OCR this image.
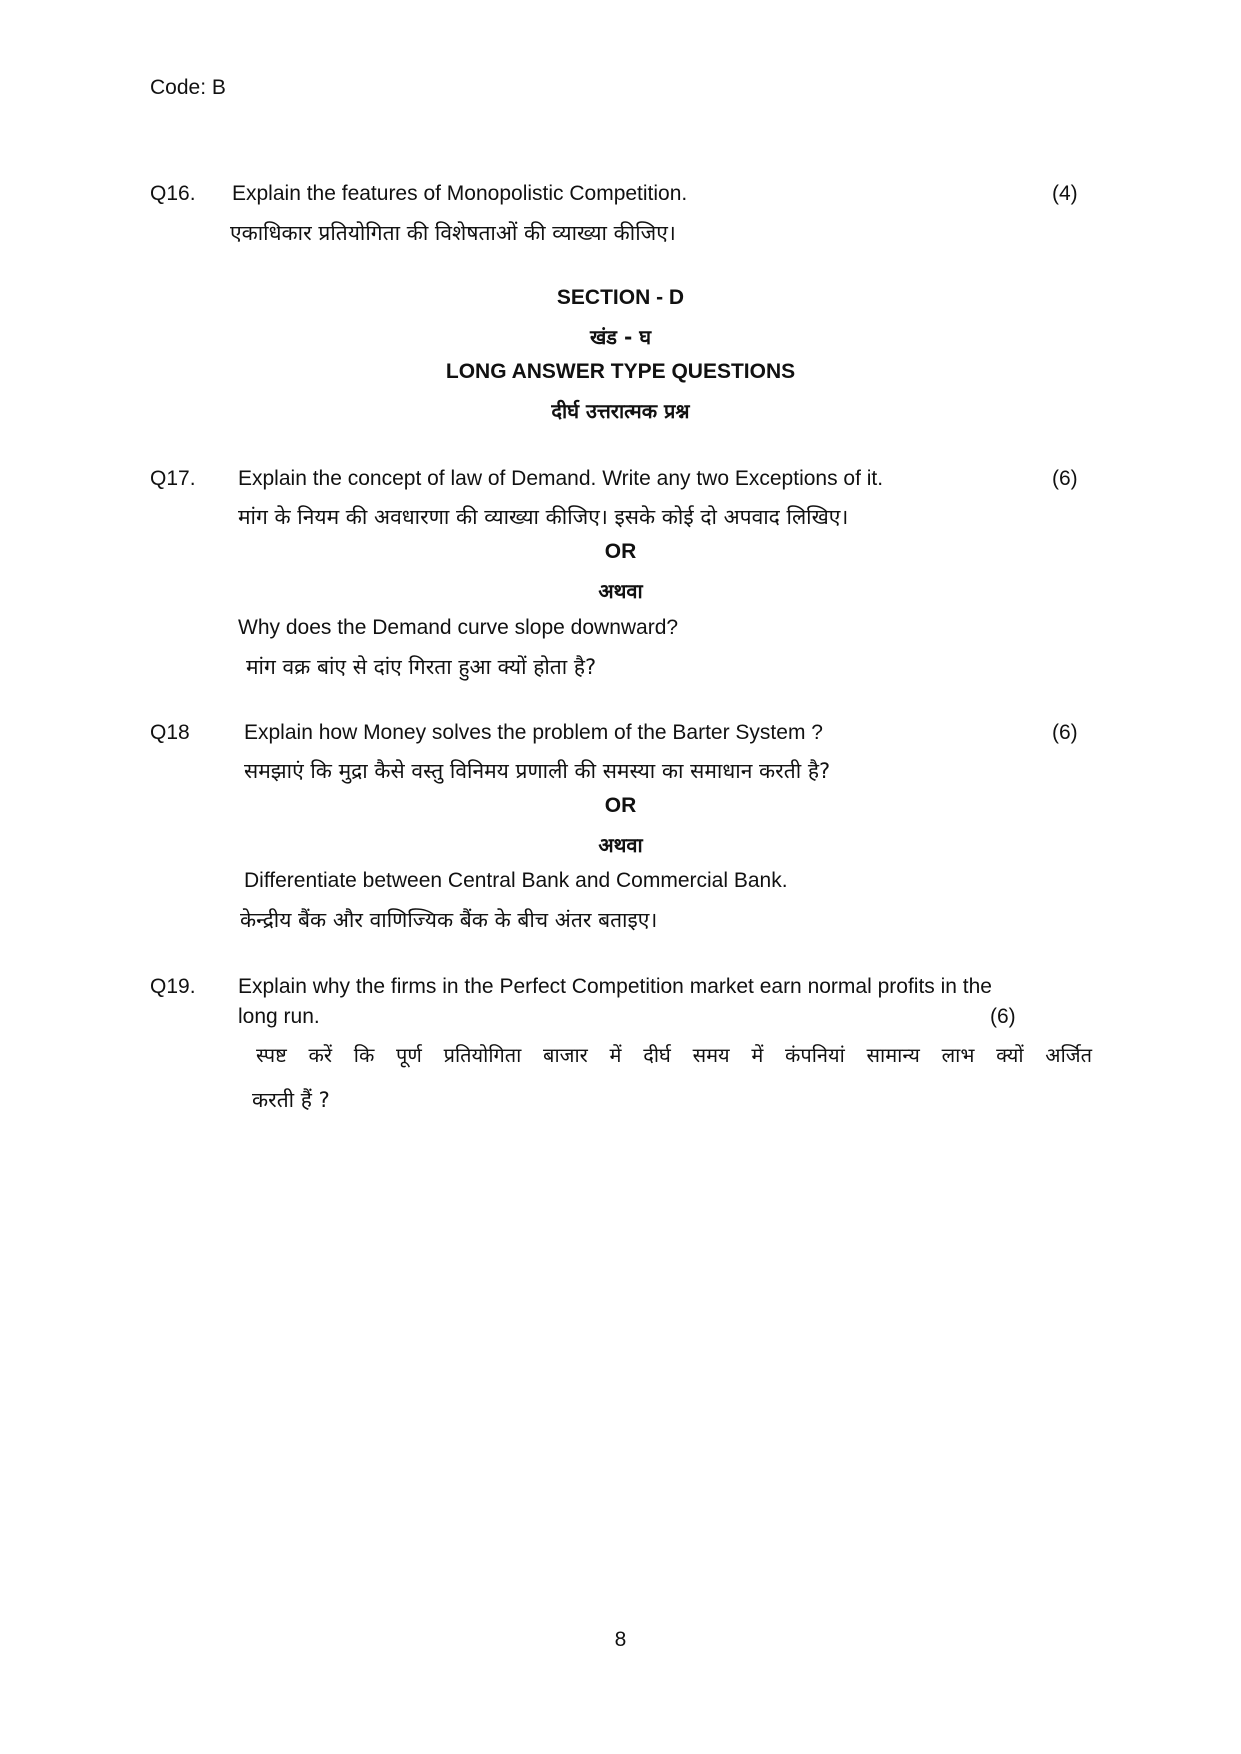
Code: B
Q16. Explain the features of Monopolistic Competition.	(4)
एकाधिकार प्रतियोगिता की विशेषताओं की व्याख्या कीजिए।
SECTION - D
खंड - घ
LONG ANSWER TYPE QUESTIONS
दीर्घ उत्तरात्मक प्रश्न
Q17. Explain the concept of law of Demand. Write any two Exceptions of it.	(6)
मांग के नियम की अवधारणा की व्याख्या कीजिए। इसके कोई दो अपवाद लिखिए।
OR
अथवा
Why does the Demand curve slope downward?
मांग वक्र बांए से दांए गिरता हुआ क्यों होता है?
Q18	Explain how Money solves the problem of the Barter System ?	(6)
समझाएं कि मुद्रा कैसे वस्तु विनिमय प्रणाली की समस्या का समाधान करती है?
OR
अथवा
Differentiate between Central Bank and Commercial Bank.
केन्द्रीय बैंक और वाणिज्यिक बैंक के बीच अंतर बताइए।
Q19. Explain why the firms in the Perfect Competition market earn normal profits in the
long run.	(6)
स्पष्ट करें कि पूर्ण प्रतियोगिता बाजार में दीर्घ समय में कंपनियां सामान्य लाभ क्यों अर्जित
करती हैं ?
8
